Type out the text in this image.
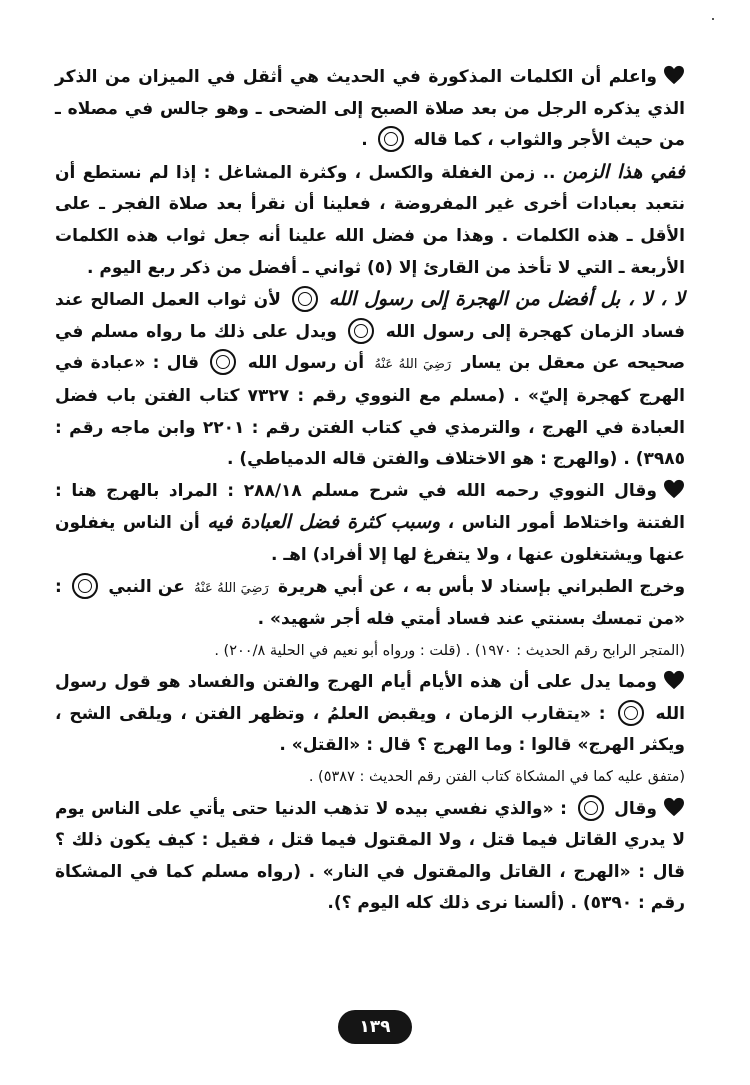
واعلم أن الكلمات المذكورة في الحديث هي أثقل في الميزان من الذكر الذي يذكره الرجل من بعد صلاة الصبح إلى الضحى ـ وهو جالس في مصلاه ـ من حيث الأجر والثواب ، كما قاله  .

ففي هذا الزمن .. زمن الغفلة والكسل ، وكثرة المشاغل : إذا لم نستطع أن نتعبد بعبادات أخرى غير المفروضة ، فعلينا أن نقرأ بعد صلاة الفجر ـ على الأقل ـ هذه الكلمات . وهذا من فضل الله علينا أنه جعل ثواب هذه الكلمات الأربعة ـ التي لا تأخذ من القارئ إلا (٥) ثواني ـ أفضل من ذكر ربع اليوم .

لا ، لا ، بل أفضل من الهجرة إلى رسول الله  لأن ثواب العمل الصالح عند فساد الزمان كهجرة إلى رسول الله  ويدل على ذلك ما رواه مسلم في صحيحه عن معقل بن يسار رَضِيَ اللهُ عَنْهُ أن رسول الله  قال : «عبادة في الهرج كهجرة إليّ» . (مسلم مع النووي رقم : ٧٣٢٧ كتاب الفتن باب فضل العبادة في الهرج ، والترمذي في كتاب الفتن رقم : ٢٢٠١ وابن ماجه رقم : ٣٩٨٥) . (والهرج : هو الاختلاف والفتن قاله الدمياطي) .

وقال النووي رحمه الله في شرح مسلم ٢٨٨/١٨ : المراد بالهرج هنا : الفتنة واختلاط أمور الناس ، وسبب كثرة فضل العبادة فيه أن الناس يغفلون عنها ويشتغلون عنها ، ولا يتفرغ لها إلا أفراد) اهـ .

وخرج الطبراني بإسناد لا بأس به ، عن أبي هريرة رَضِيَ اللهُ عَنْهُ عن النبي  : «من تمسك بسنتي عند فساد أمتي فله أجر شهيد» .

(المتجر الرابح رقم الحديث : ١٩٧٠) . (قلت : ورواه أبو نعيم في الحلية ٢٠٠/٨) .

ومما يدل على أن هذه الأيام أيام الهرج والفتن والفساد هو قول رسول الله  : «يتقارب الزمان ، ويقبض العلمُ ، وتظهر الفتن ، ويلقى الشح ، ويكثر الهرج» قالوا : وما الهرج ؟ قال : «القتل» .

(متفق عليه كما في المشكاة كتاب الفتن رقم الحديث : ٥٣٨٧) .

وقال  : «والذي نفسي بيده لا تذهب الدنيا حتى يأتي على الناس يوم لا يدري القاتل فيما قتل ، ولا المقتول فيما قتل ، فقيل : كيف يكون ذلك ؟ قال : «الهرج ، القاتل والمقتول في النار» . (رواه مسلم كما في المشكاة رقم : ٥٣٩٠) . (ألسنا نرى ذلك كله اليوم ؟).

١٣٩
